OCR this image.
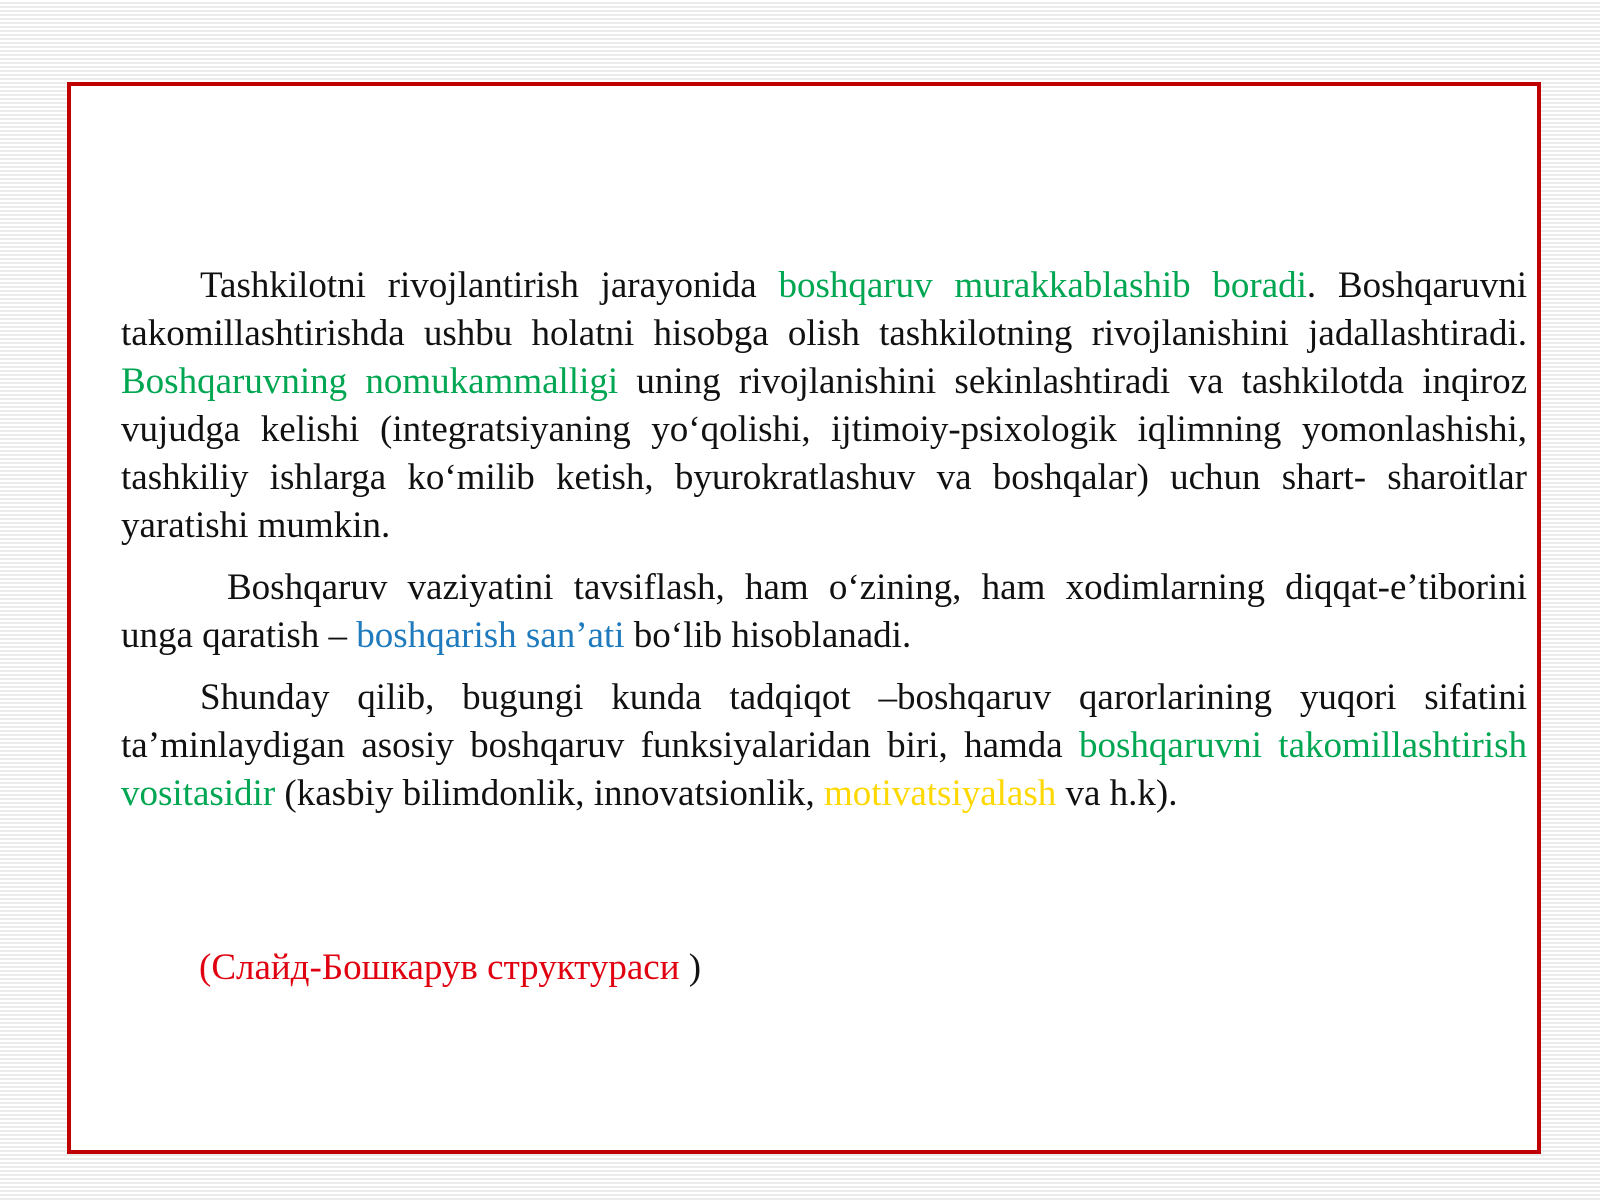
Tashkilotni rivojlantirish jarayonida boshqaruv murakkablashib boradi. Boshqaruvni takomillashtirishda ushbu holatni hisobga olish tashkilotning rivojlanishini jadallashtiradi. Boshqaruvning nomukammalligi uning rivojlanishini sekinlashtiradi va tashkilotda inqiroz vujudga kelishi (integratsiyaning yo‘qolishi, ijtimoiy-psixologik iqlimning yomonlashishi, tashkiliy ishlarga ko‘milib ketish, byurokratlashuv va boshqalar) uchun shart- sharoitlar yaratishi mumkin.

Boshqaruv vaziyatini tavsiflash, ham o‘zining, ham xodimlarning diqqat-e’tiborini unga qaratish – boshqarish san’ati bo‘lib hisoblanadi.

Shunday qilib, bugungi kunda tadqiqot –boshqaruv qarorlarining yuqori sifatini ta’minlaydigan asosiy boshqaruv funksiyalaridan biri, hamda boshqaruvni takomillashtirish vositasidir (kasbiy bilimdonlik, innovatsionlik, motivatsiyalash va h.k).

(Слайд-Бошкарув структураси )
